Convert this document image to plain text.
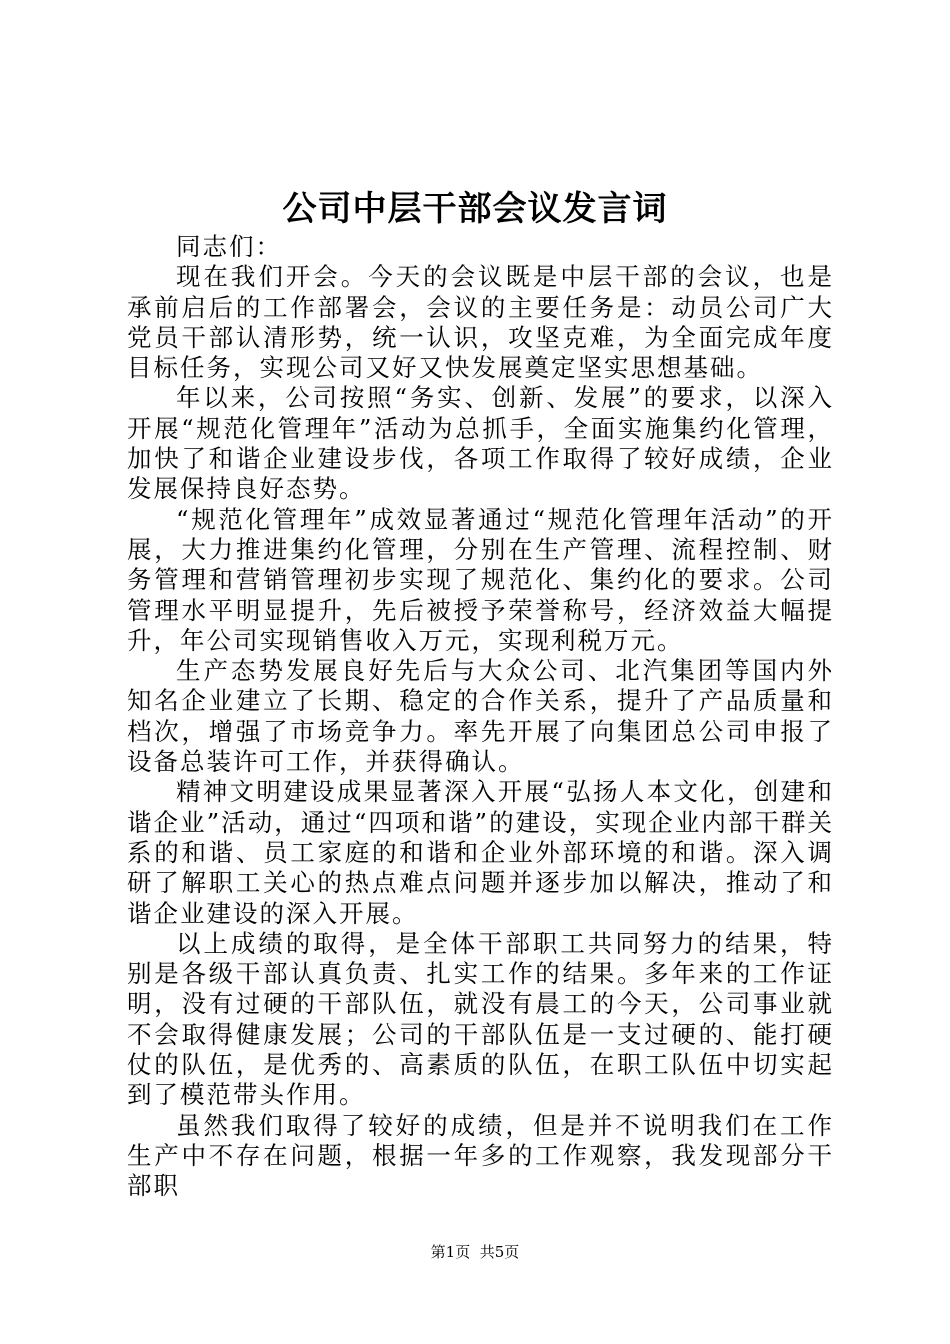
公司中层干部会议发言词

同志们：

现在我们开会。今天的会议既是中层干部的会议，也是承前启后的工作部署会，会议的主要任务是：动员公司广大党员干部认清形势，统一认识，攻坚克难，为全面完成年度目标任务，实现公司又好又快发展奠定坚实思想基础。

年以来，公司按照“务实、创新、发展”的要求，以深入开展“规范化管理年”活动为总抓手，全面实施集约化管理，加快了和谐企业建设步伐，各项工作取得了较好成绩，企业发展保持良好态势。

“规范化管理年”成效显著通过“规范化管理年活动”的开展，大力推进集约化管理，分别在生产管理、流程控制、财务管理和营销管理初步实现了规范化、集约化的要求。公司管理水平明显提升，先后被授予荣誉称号，经济效益大幅提升，年公司实现销售收入万元，实现利税万元。

生产态势发展良好先后与大众公司、北汽集团等国内外知名企业建立了长期、稳定的合作关系，提升了产品质量和档次，增强了市场竞争力。率先开展了向集团总公司申报了设备总装许可工作，并获得确认。

精神文明建设成果显著深入开展“弘扬人本文化，创建和谐企业”活动，通过“四项和谐”的建设，实现企业内部干群关系的和谐、员工家庭的和谐和企业外部环境的和谐。深入调研了解职工关心的热点难点问题并逐步加以解决，推动了和谐企业建设的深入开展。

以上成绩的取得，是全体干部职工共同努力的结果，特别是各级干部认真负责、扎实工作的结果。多年来的工作证明，没有过硬的干部队伍，就没有晨工的今天，公司事业就不会取得健康发展；公司的干部队伍是一支过硬的、能打硬仗的队伍，是优秀的、高素质的队伍，在职工队伍中切实起到了模范带头作用。

虽然我们取得了较好的成绩，但是并不说明我们在工作生产中不存在问题，根据一年多的工作观察，我发现部分干部职

第1页 共5页
